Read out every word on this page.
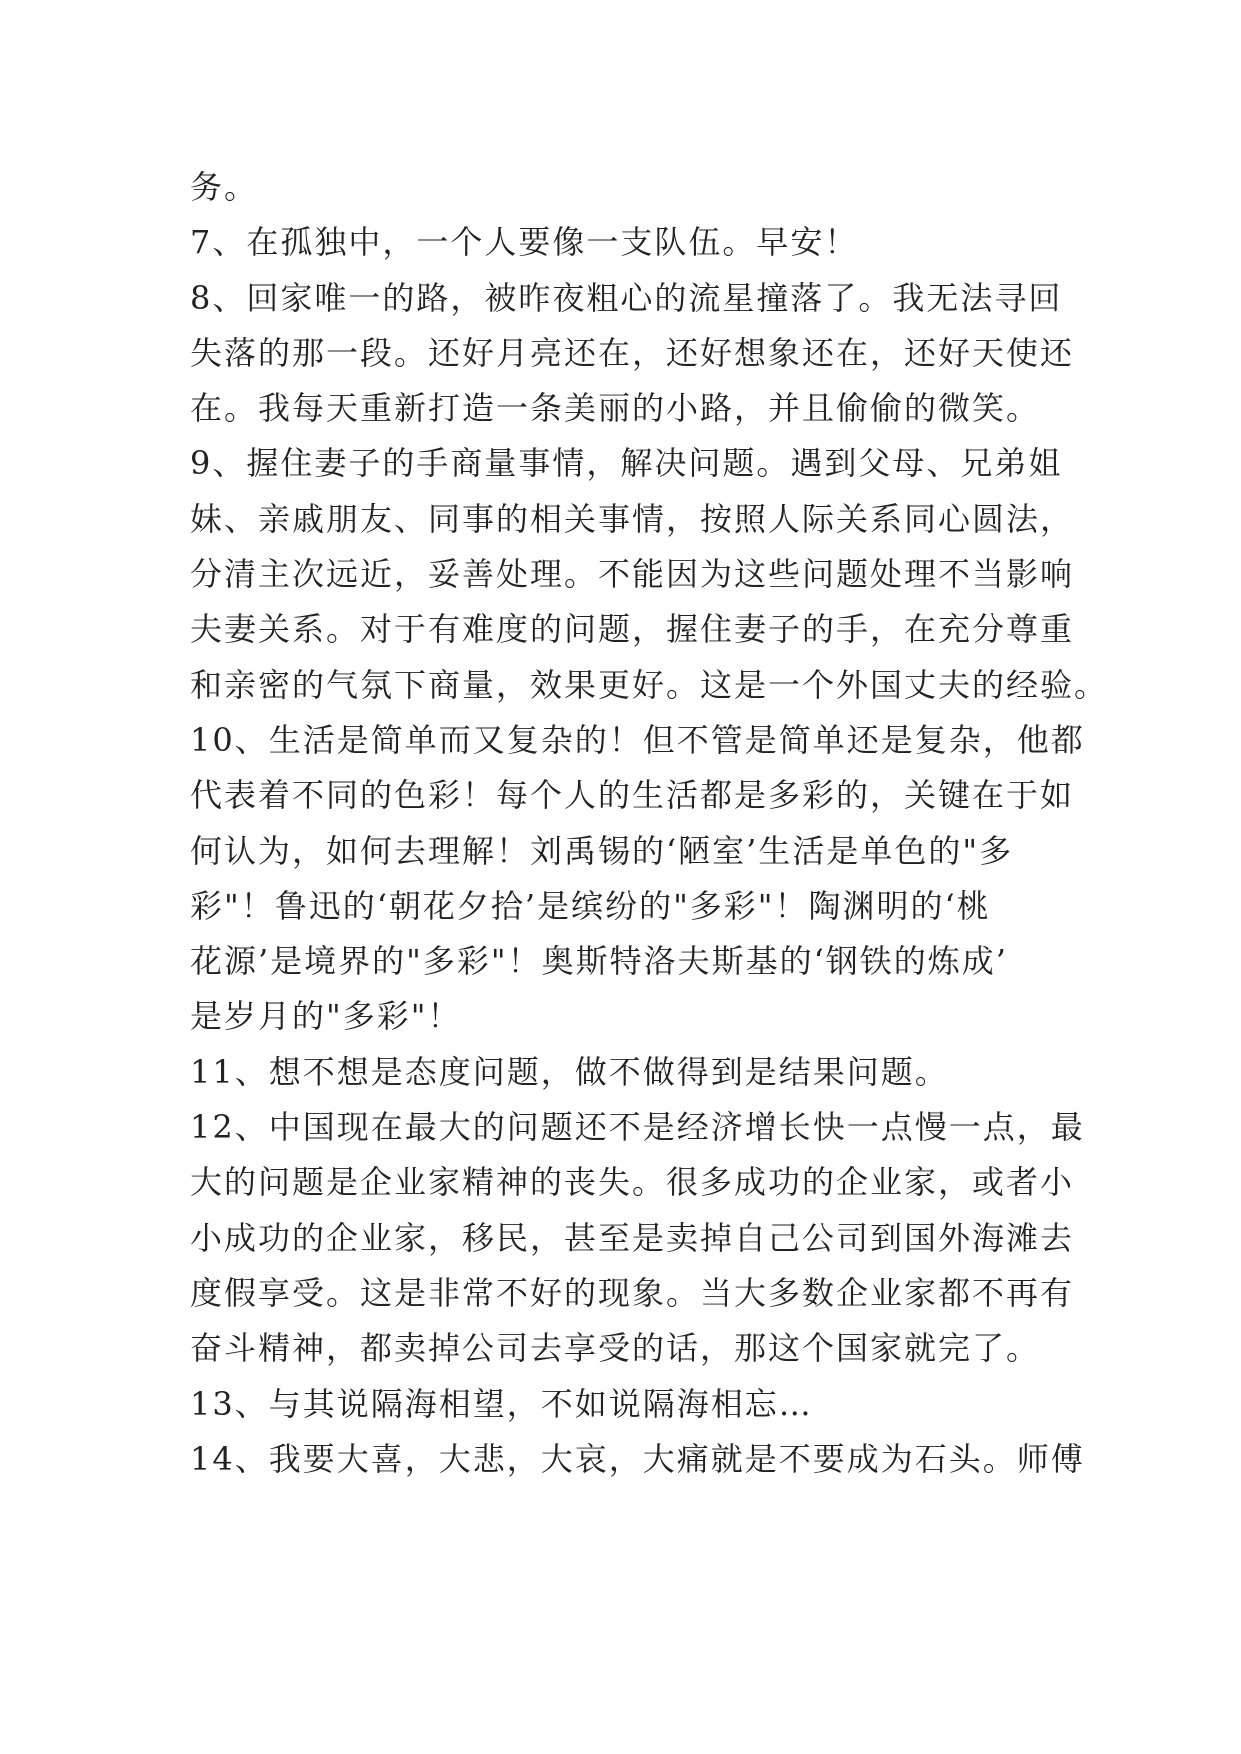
务。
7、在孤独中，一个人要像一支队伍。早安！
8、回家唯一的路，被昨夜粗心的流星撞落了。我无法寻回
失落的那一段。还好月亮还在，还好想象还在，还好天使还
在。我每天重新打造一条美丽的小路，并且偷偷的微笑。
9、握住妻子的手商量事情，解决问题。遇到父母、兄弟姐
妹、亲戚朋友、同事的相关事情，按照人际关系同心圆法，
分清主次远近，妥善处理。不能因为这些问题处理不当影响
夫妻关系。对于有难度的问题，握住妻子的手，在充分尊重
和亲密的气氛下商量，效果更好。这是一个外国丈夫的经验。
10、生活是简单而又复杂的！但不管是简单还是复杂，他都
代表着不同的色彩！每个人的生活都是多彩的，关键在于如
何认为，如何去理解！刘禹锡的‘陋室’生活是单色的"多
彩"！鲁迅的‘朝花夕拾’是缤纷的"多彩"！陶渊明的‘桃
花源’是境界的"多彩"！奥斯特洛夫斯基的‘钢铁的炼成’
是岁月的"多彩"！
11、想不想是态度问题，做不做得到是结果问题。
12、中国现在最大的问题还不是经济增长快一点慢一点，最
大的问题是企业家精神的丧失。很多成功的企业家，或者小
小成功的企业家，移民，甚至是卖掉自己公司到国外海滩去
度假享受。这是非常不好的现象。当大多数企业家都不再有
奋斗精神，都卖掉公司去享受的话，那这个国家就完了。
13、与其说隔海相望，不如说隔海相忘…
14、我要大喜，大悲，大哀，大痛就是不要成为石头。师傅
